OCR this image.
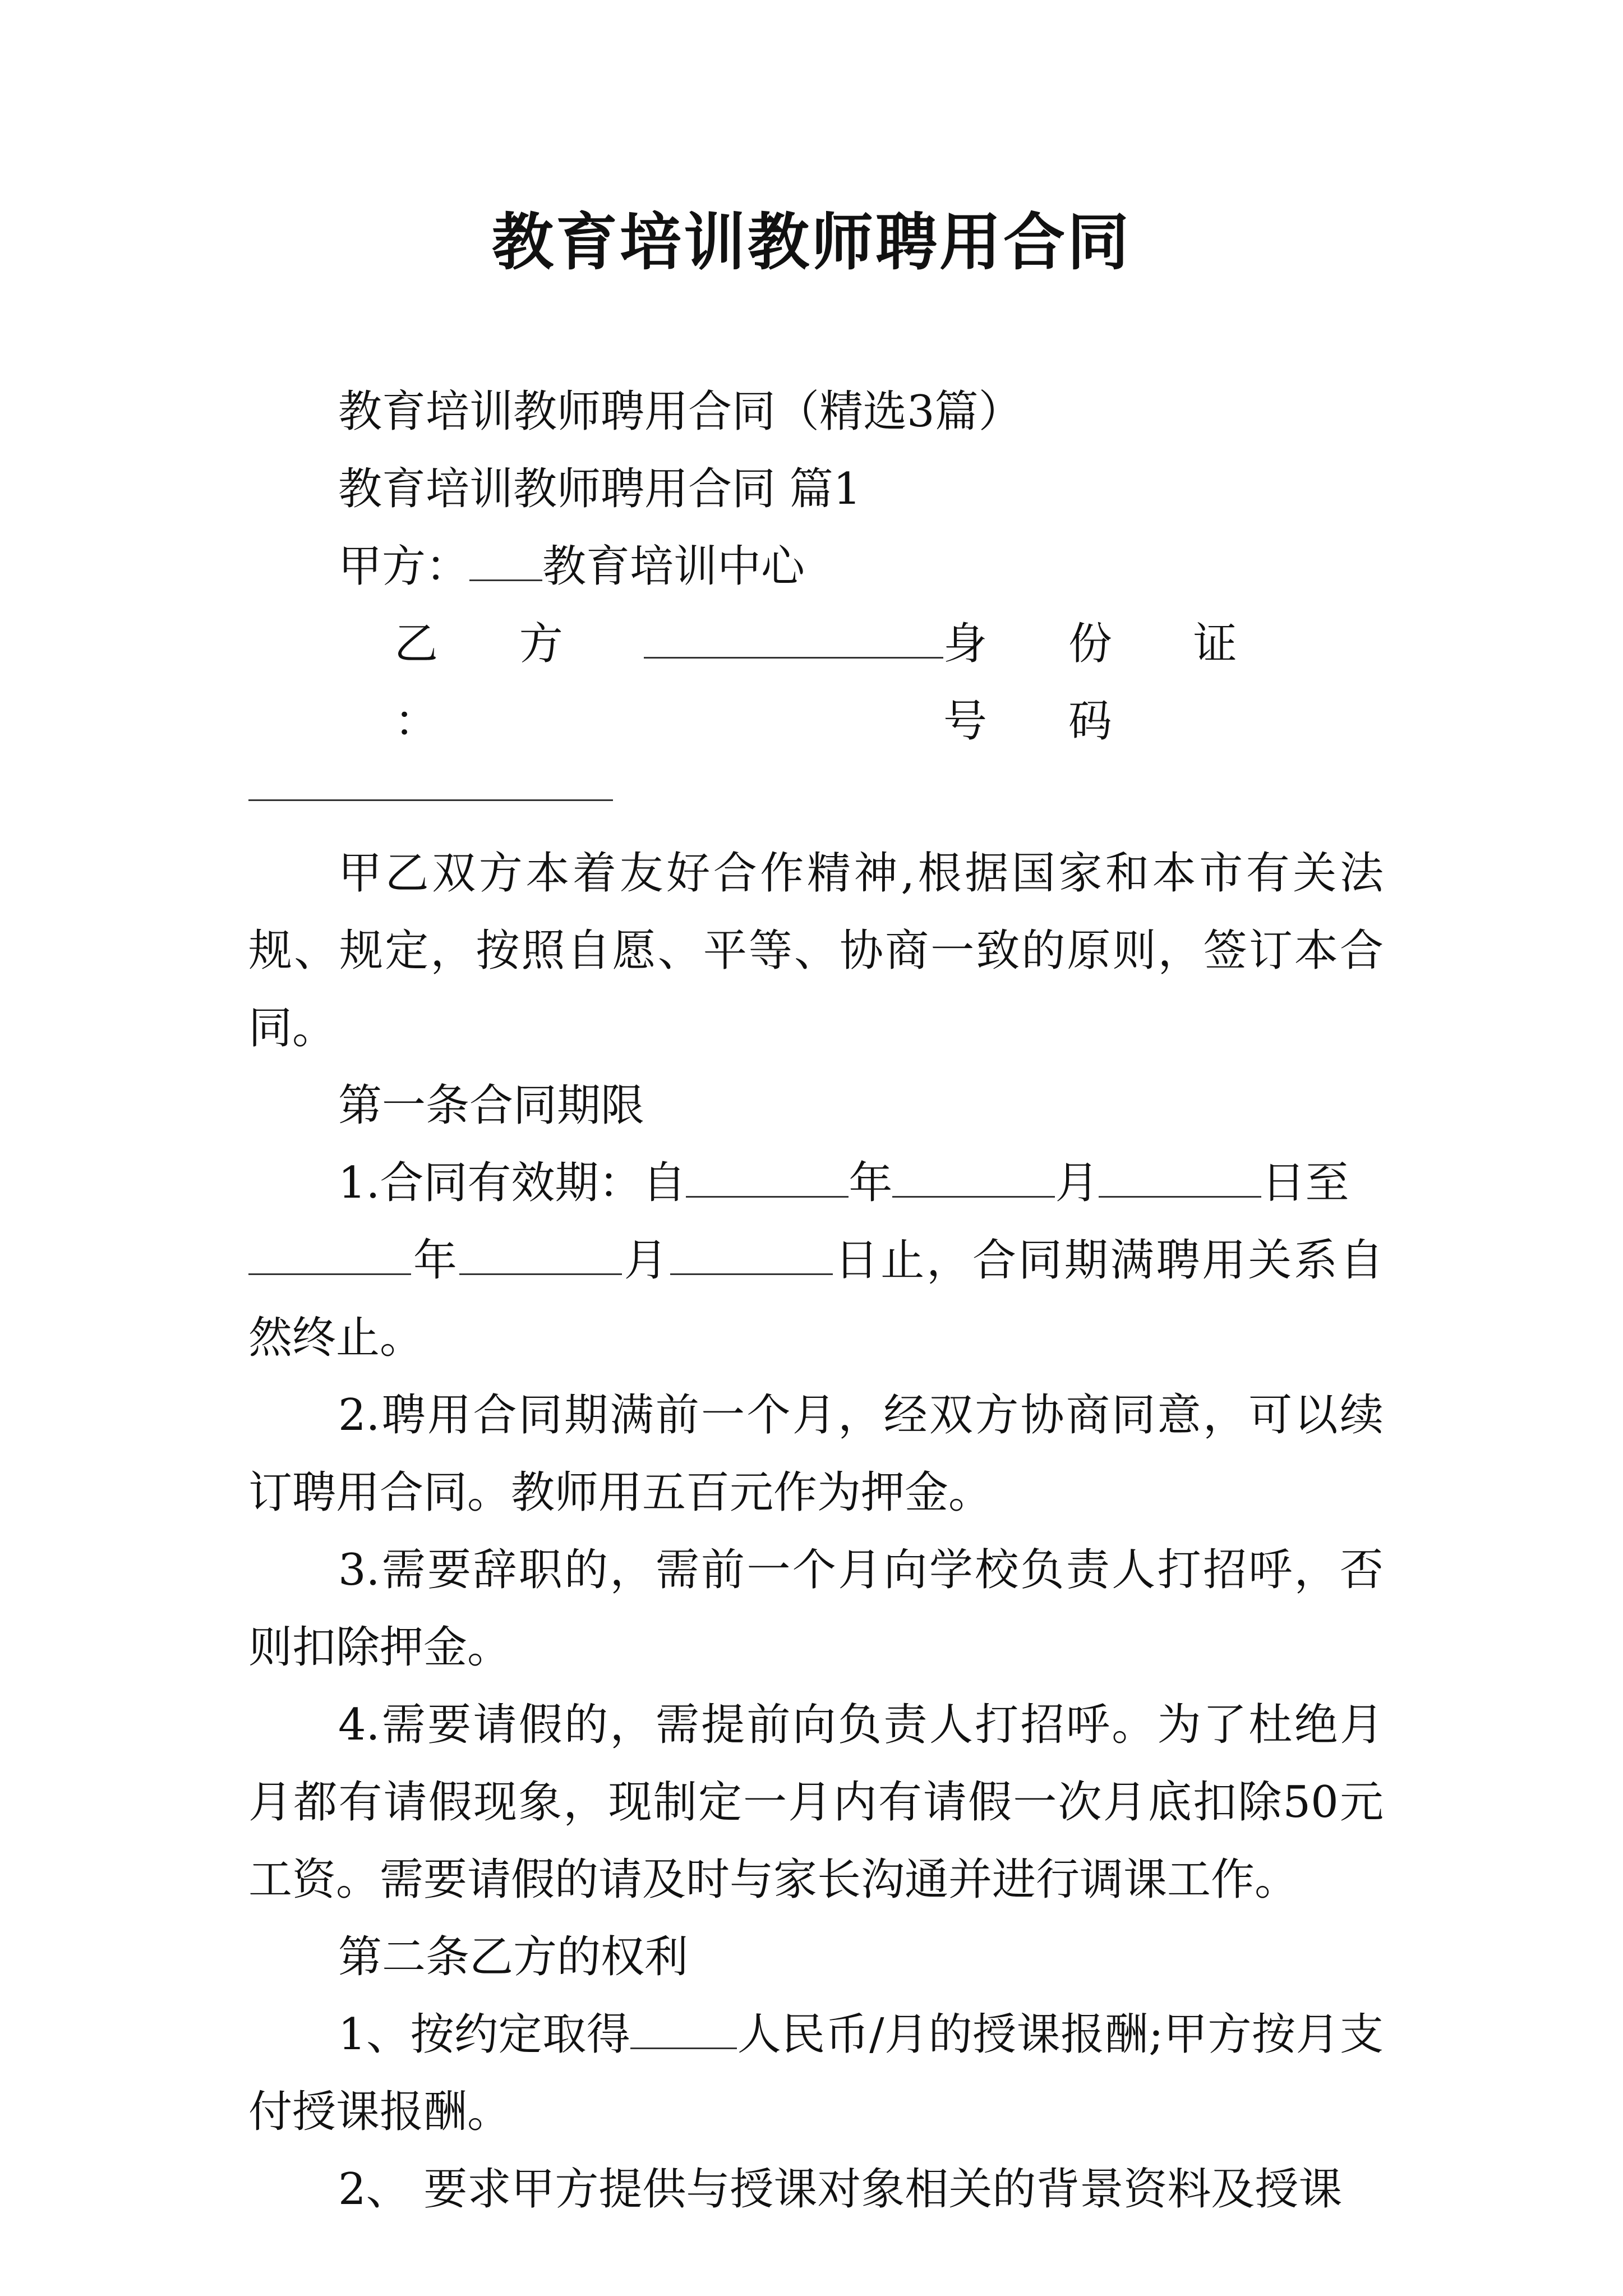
教育培训教师聘用合同

教育培训教师聘用合同（精选3篇）

教育培训教师聘用合同 篇1

甲方： 教育培训中心

乙 方 ：
身 份 证 号 码

甲乙双方本着友好合作精神,根据国家和本市有关法规、规定，按照自愿、平等、协商一致的原则，签订本合同。

第一条合同期限

1.合同有效期：自	年	月	日至
年	月	日止，合同期满聘用关系自然终止。

2.聘用合同期满前一个月，经双方协商同意，可以续订聘用合同。教师用五百元作为押金。

3.需要辞职的，需前一个月向学校负责人打招呼，否则扣除押金。

4.需要请假的，需提前向负责人打招呼。为了杜绝月月都有请假现象，现制定一月内有请假一次月底扣除50元工资。需要请假的请及时与家长沟通并进行调课工作。

第二条乙方的权利

1、按约定取得 人民币/月的授课报酬;甲方按月支付授课报酬。

2、 要求甲方提供与授课对象相关的背景资料及授课
